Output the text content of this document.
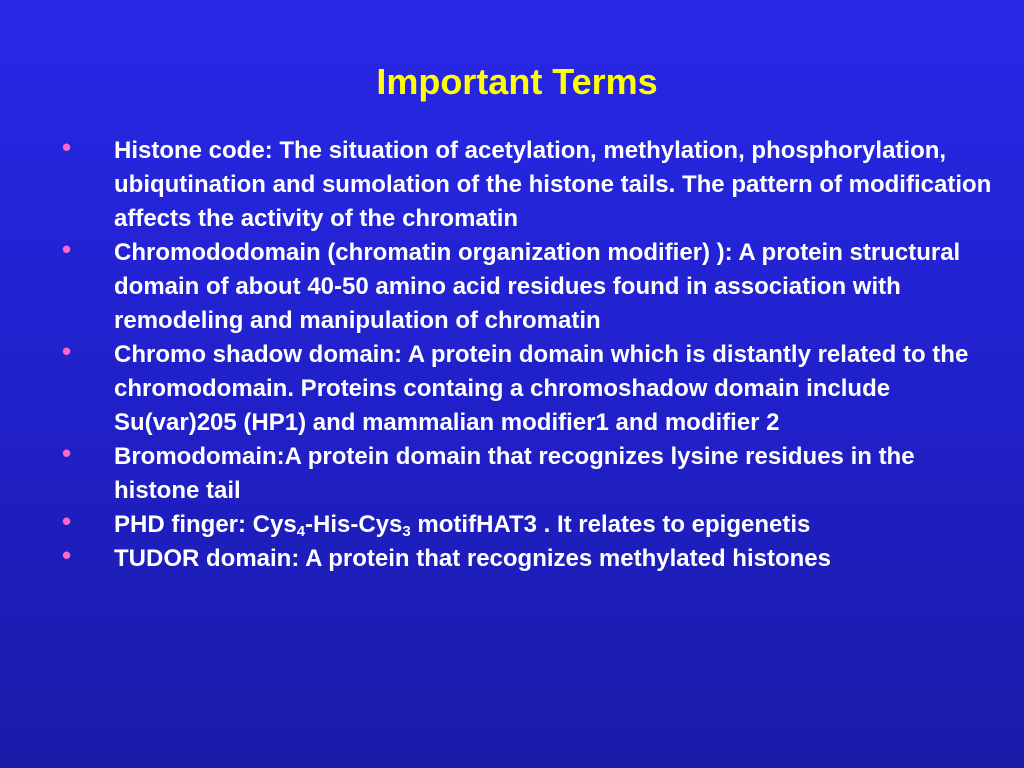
Important Terms
• Histone code: The situation of acetylation, methylation, phosphorylation, ubiqutination and sumolation of the histone tails. The pattern of modification affects the activity of the chromatin
• Chromododomain (chromatin organization modifier) ): A protein structural domain of about 40-50 amino acid residues found in association with remodeling and manipulation of chromatin
• Chromo shadow domain: A protein domain which is distantly related to the chromodomain. Proteins containg a chromoshadow domain include Su(var)205 (HP1) and mammalian modifier1 and modifier 2
• Bromodomain:A protein domain that recognizes lysine residues in the histone tail
• PHD finger: Cys$_4$-His-Cys$_3$ motifHAT3 . It relates to epigenetis
• TUDOR domain: A protein that recognizes methylated histones
